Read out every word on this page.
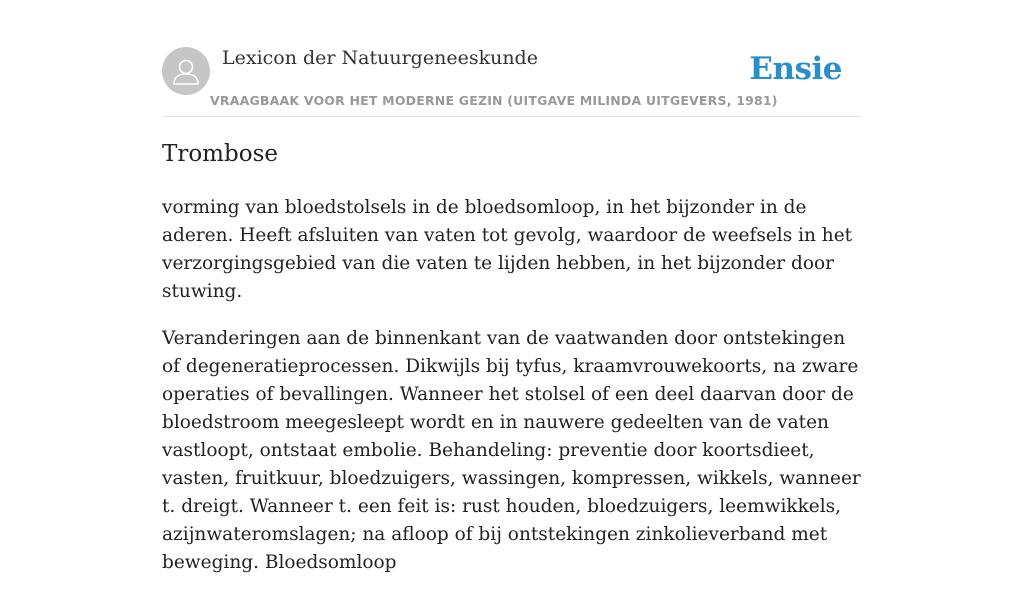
Lexicon der Natuurgeneeskunde
VRAAGBAAK VOOR HET MODERNE GEZIN (UITGAVE MILINDA UITGEVERS, 1981)
Ensie
Trombose

vorming van bloedstolsels in de bloedsomloop, in het bijzonder in de aderen. Heeft afsluiten van vaten tot gevolg, waardoor de weefsels in het verzorgingsgebied van die vaten te lijden hebben, in het bijzonder door stuwing.

Veranderingen aan de binnenkant van de vaatwanden door ontstekingen of degeneratieprocessen. Dikwijls bij tyfus, kraamvrouwekoorts, na zware operaties of bevallingen. Wanneer het stolsel of een deel daarvan door de bloedstroom meegesleept wordt en in nauwere gedeelten van de vaten vastloopt, ontstaat embolie. Behandeling: preventie door koortsdieet, vasten, fruitkuur, bloedzuigers, wassingen, kompressen, wikkels, wanneer t. dreigt. Wanneer t. een feit is: rust houden, bloedzuigers, leemwikkels, azijnwateromslagen; na afloop of bij ontstekingen zinkolieverband met beweging. Bloedsomloop
